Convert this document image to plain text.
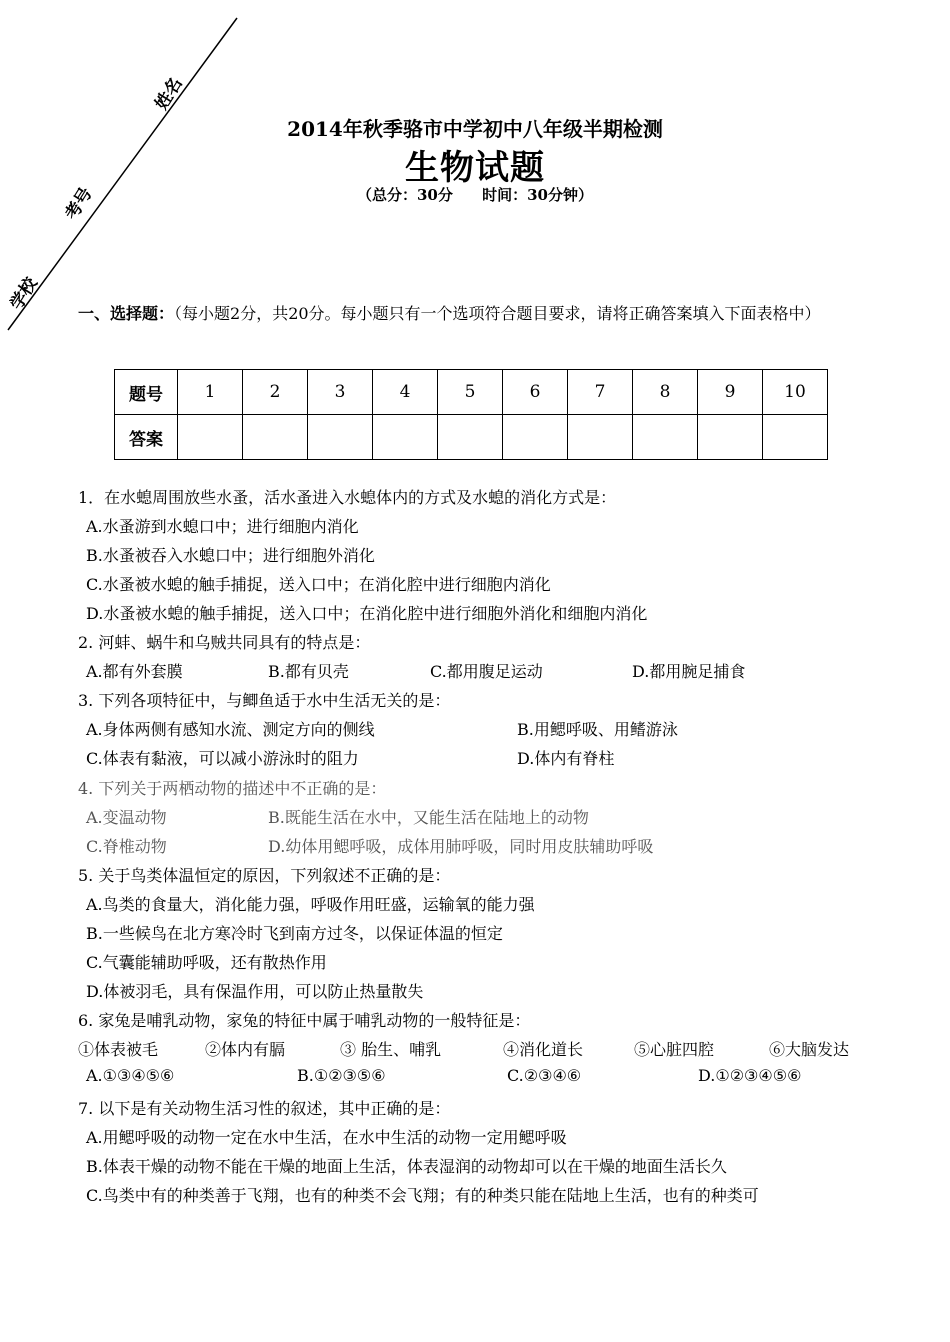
姓名
考号
学校
2014年秋季骆市中学初中八年级半期检测
生物试题
（总分：30分 时间：30分钟）
一、选择题：（每小题2分，共20分。每小题只有一个选项符合题目要求，请将正确答案填入下面表格中）
题号	1	2	3	4	5	6	7	8	9	10
答案										
1．在水螅周围放些水蚤，活水蚤进入水螅体内的方式及水螅的消化方式是：
A.水蚤游到水螅口中；进行细胞内消化
B.水蚤被吞入水螅口中；进行细胞外消化
C.水蚤被水螅的触手捕捉，送入口中；在消化腔中进行细胞内消化
D.水蚤被水螅的触手捕捉，送入口中；在消化腔中进行细胞外消化和细胞内消化
2. 河蚌、蜗牛和乌贼共同具有的特点是：
A.都有外套膜	B.都有贝壳	C.都用腹足运动	D.都用腕足捕食
3. 下列各项特征中，与鲫鱼适于水中生活无关的是：
A.身体两侧有感知水流、测定方向的侧线	B.用鳃呼吸、用鳍游泳
C.体表有黏液，可以减小游泳时的阻力	D.体内有脊柱
4. 下列关于两栖动物的描述中不正确的是：
A.变温动物	B.既能生活在水中，又能生活在陆地上的动物
C.脊椎动物	D.幼体用鳃呼吸，成体用肺呼吸，同时用皮肤辅助呼吸
5. 关于鸟类体温恒定的原因，下列叙述不正确的是：
A.鸟类的食量大，消化能力强，呼吸作用旺盛，运输氧的能力强
B.一些候鸟在北方寒冷时飞到南方过冬，以保证体温的恒定
C.气囊能辅助呼吸，还有散热作用
D.体被羽毛，具有保温作用，可以防止热量散失
6. 家兔是哺乳动物，家兔的特征中属于哺乳动物的一般特征是：
①体表被毛	②体内有膈	③ 胎生、哺乳	④消化道长	⑤心脏四腔	⑥大脑发达
A.①③④⑤⑥	B.①②③⑤⑥	C.②③④⑥	D.①②③④⑤⑥
7. 以下是有关动物生活习性的叙述，其中正确的是：
A.用鳃呼吸的动物一定在水中生活，在水中生活的动物一定用鳃呼吸
B.体表干燥的动物不能在干燥的地面上生活，体表湿润的动物却可以在干燥的地面生活长久
C.鸟类中有的种类善于飞翔，也有的种类不会飞翔；有的种类只能在陆地上生活，也有的种类可
